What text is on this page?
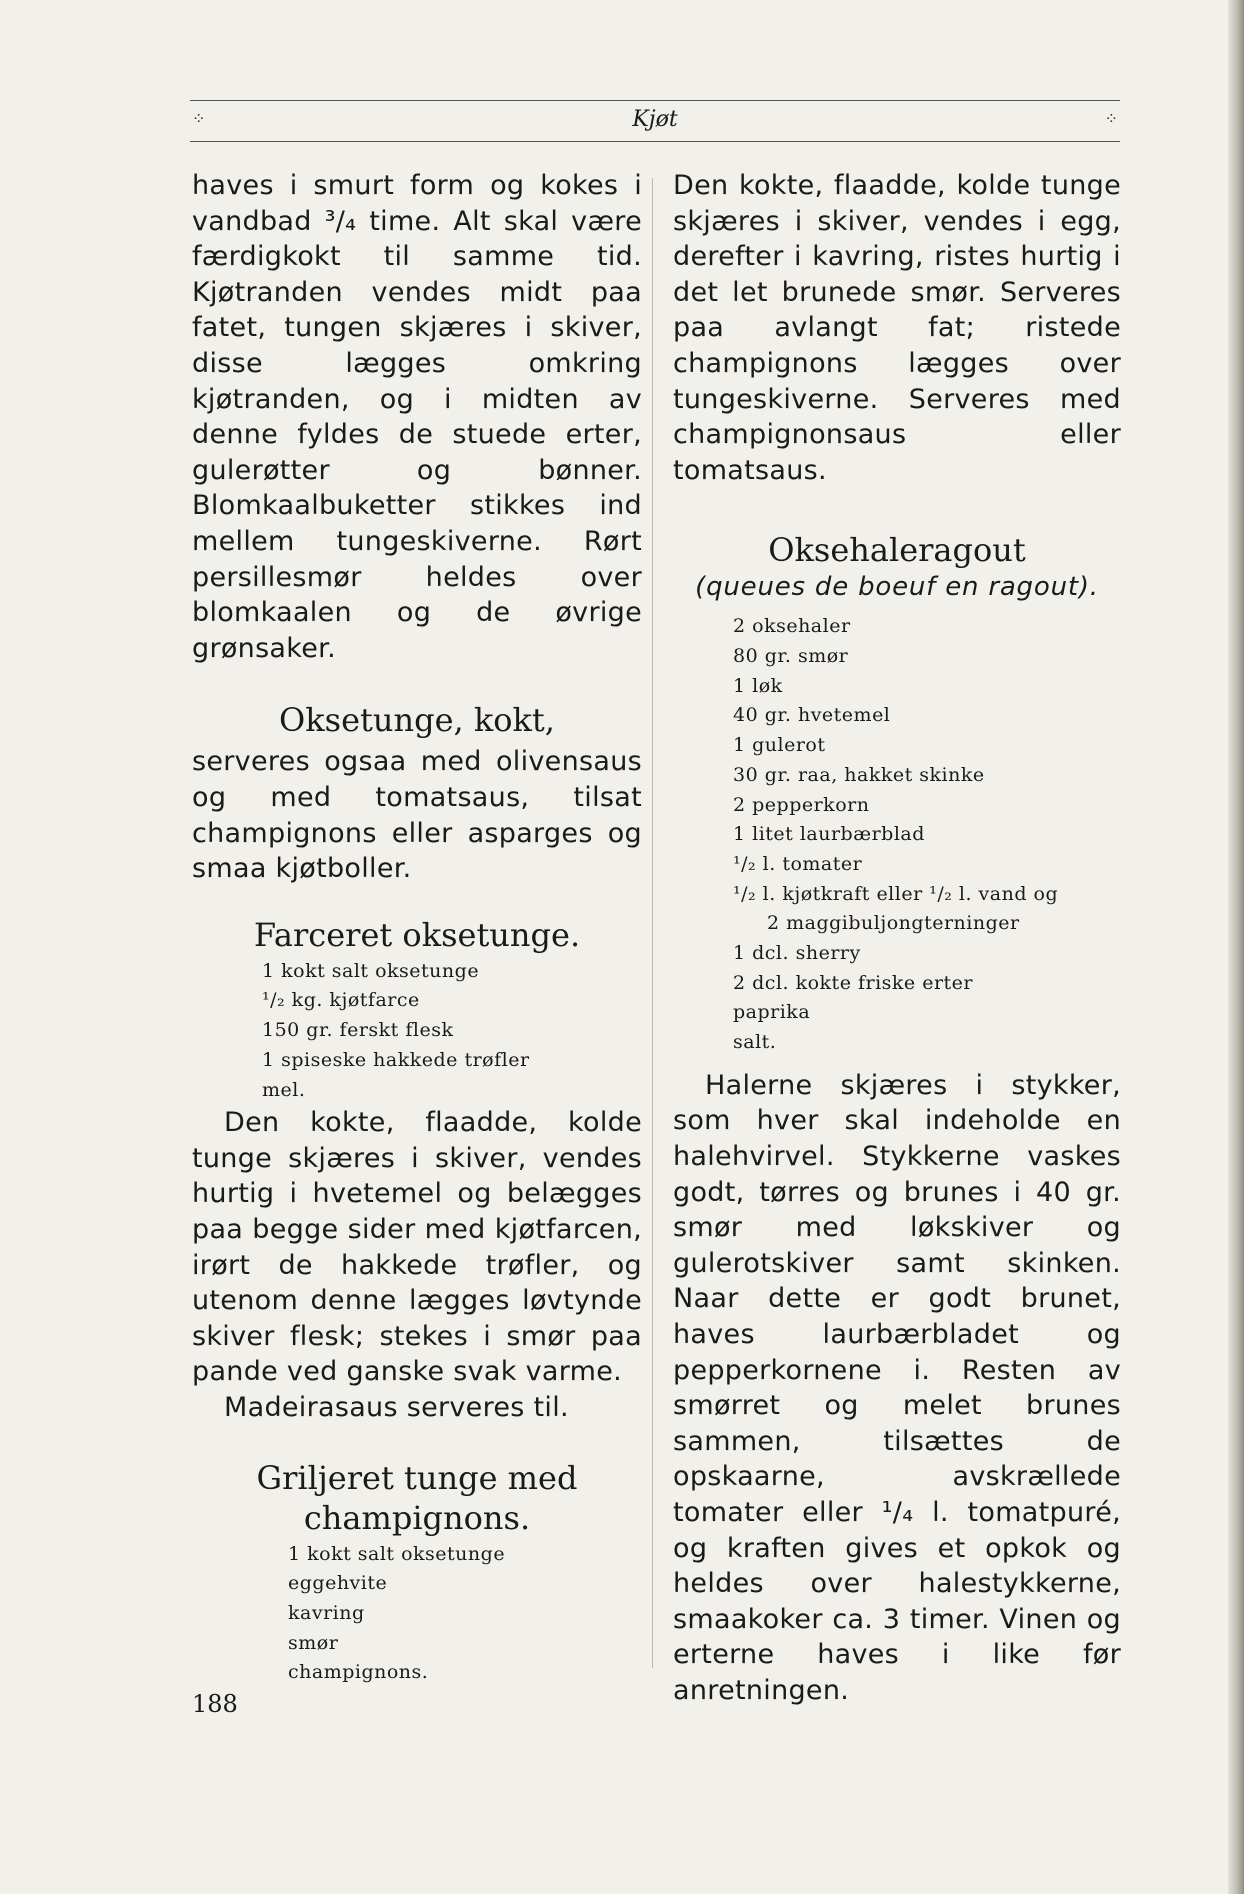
⁘	Kjøt	⁘

haves i smurt form og kokes i vandbad ³/₄ time. Alt skal være færdigkokt til samme tid. Kjøtranden vendes midt paa fatet, tungen skjæres i skiver, disse lægges omkring kjøtranden, og i midten av denne fyldes de stuede erter, gulerøtter og bønner. Blomkaalbuketter stikkes ind mellem tungeskiverne. Rørt persillesmør heldes over blomkaalen og de øvrige grønsaker.

Oksetunge, kokt,

serveres ogsaa med olivensaus og med tomatsaus, tilsat champignons eller asparges og smaa kjøtboller.

Farceret oksetunge.
1 kokt salt oksetunge
¹/₂ kg. kjøtfarce
150 gr. ferskt flesk
1 spiseske hakkede trøfler
mel.

Den kokte, flaadde, kolde tunge skjæres i skiver, vendes hurtig i hvetemel og belægges paa begge sider med kjøtfarcen, irørt de hakkede trøfler, og utenom denne lægges løvtynde skiver flesk; stekes i smør paa pande ved ganske svak varme.

Madeirasaus serveres til.

Griljeret tunge med champignons.
1 kokt salt oksetunge
eggehvite
kavring
smør
champignons.

Den kokte, flaadde, kolde tunge skjæres i skiver, vendes i egg, derefter i kavring, ristes hurtig i det let brunede smør. Serveres paa avlangt fat; ristede champignons lægges over tungeskiverne. Serveres med champignonsaus eller tomatsaus.

Oksehaleragout
(queues de boeuf en ragout).
2 oksehaler
80 gr. smør
1 løk
40 gr. hvetemel
1 gulerot
30 gr. raa, hakket skinke
2 pepperkorn
1 litet laurbærblad
¹/₂ l. tomater
¹/₂ l. kjøtkraft eller ¹/₂ l. vand og
2 maggibuljongterninger
1 dcl. sherry
2 dcl. kokte friske erter
paprika
salt.

Halerne skjæres i stykker, som hver skal indeholde en halehvirvel. Stykkerne vaskes godt, tørres og brunes i 40 gr. smør med løkskiver og gulerotskiver samt skinken. Naar dette er godt brunet, haves laurbærbladet og pepperkornene i. Resten av smørret og melet brunes sammen, tilsættes de opskaarne, avskrællede tomater eller ¹/₄ l. tomatpuré, og kraften gives et opkok og heldes over halestykkerne, smaakoker ca. 3 timer. Vinen og erterne haves i like før anretningen.

188
